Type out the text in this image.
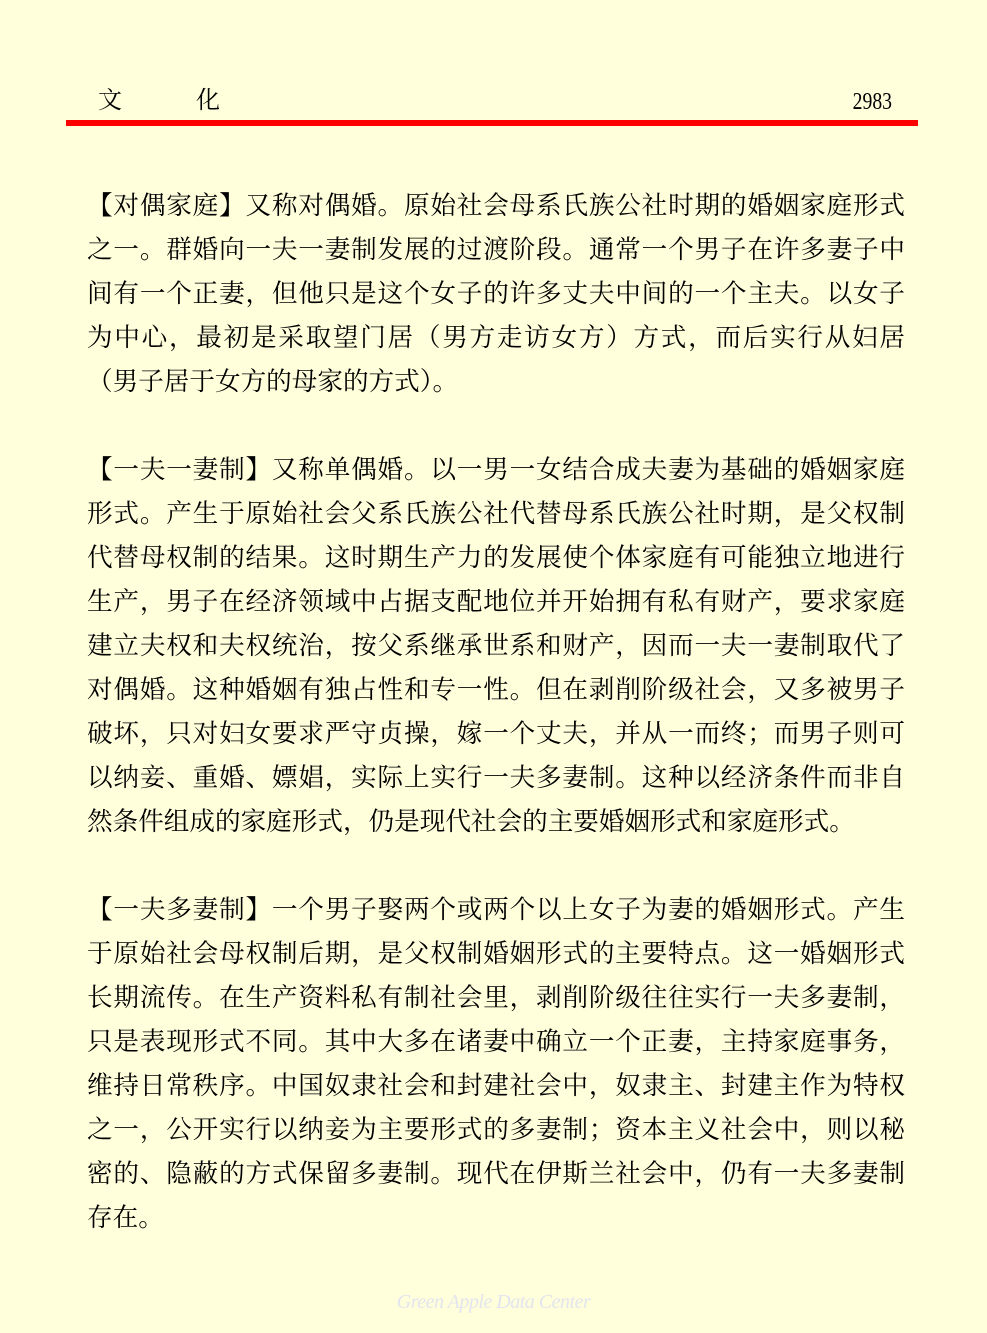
文化	2983

【对偶家庭】又称对偶婚。原始社会母系氏族公社时期的婚姻家庭形式之一。群婚向一夫一妻制发展的过渡阶段。通常一个男子在许多妻子中间有一个正妻，但他只是这个女子的许多丈夫中间的一个主夫。以女子为中心，最初是采取望门居（男方走访女方）方式，而后实行从妇居（男子居于女方的母家的方式）。

【一夫一妻制】又称单偶婚。以一男一女结合成夫妻为基础的婚姻家庭形式。产生于原始社会父系氏族公社代替母系氏族公社时期，是父权制代替母权制的结果。这时期生产力的发展使个体家庭有可能独立地进行生产，男子在经济领域中占据支配地位并开始拥有私有财产，要求家庭建立夫权和夫权统治，按父系继承世系和财产，因而一夫一妻制取代了对偶婚。这种婚姻有独占性和专一性。但在剥削阶级社会，又多被男子破坏，只对妇女要求严守贞操，嫁一个丈夫，并从一而终；而男子则可以纳妾、重婚、嫖娼，实际上实行一夫多妻制。这种以经济条件而非自然条件组成的家庭形式，仍是现代社会的主要婚姻形式和家庭形式。

【一夫多妻制】一个男子娶两个或两个以上女子为妻的婚姻形式。产生于原始社会母权制后期，是父权制婚姻形式的主要特点。这一婚姻形式长期流传。在生产资料私有制社会里，剥削阶级往往实行一夫多妻制，只是表现形式不同。其中大多在诸妻中确立一个正妻，主持家庭事务，维持日常秩序。中国奴隶社会和封建社会中，奴隶主、封建主作为特权之一，公开实行以纳妾为主要形式的多妻制；资本主义社会中，则以秘密的、隐蔽的方式保留多妻制。现代在伊斯兰社会中，仍有一夫多妻制存在。

Green Apple Data Center
